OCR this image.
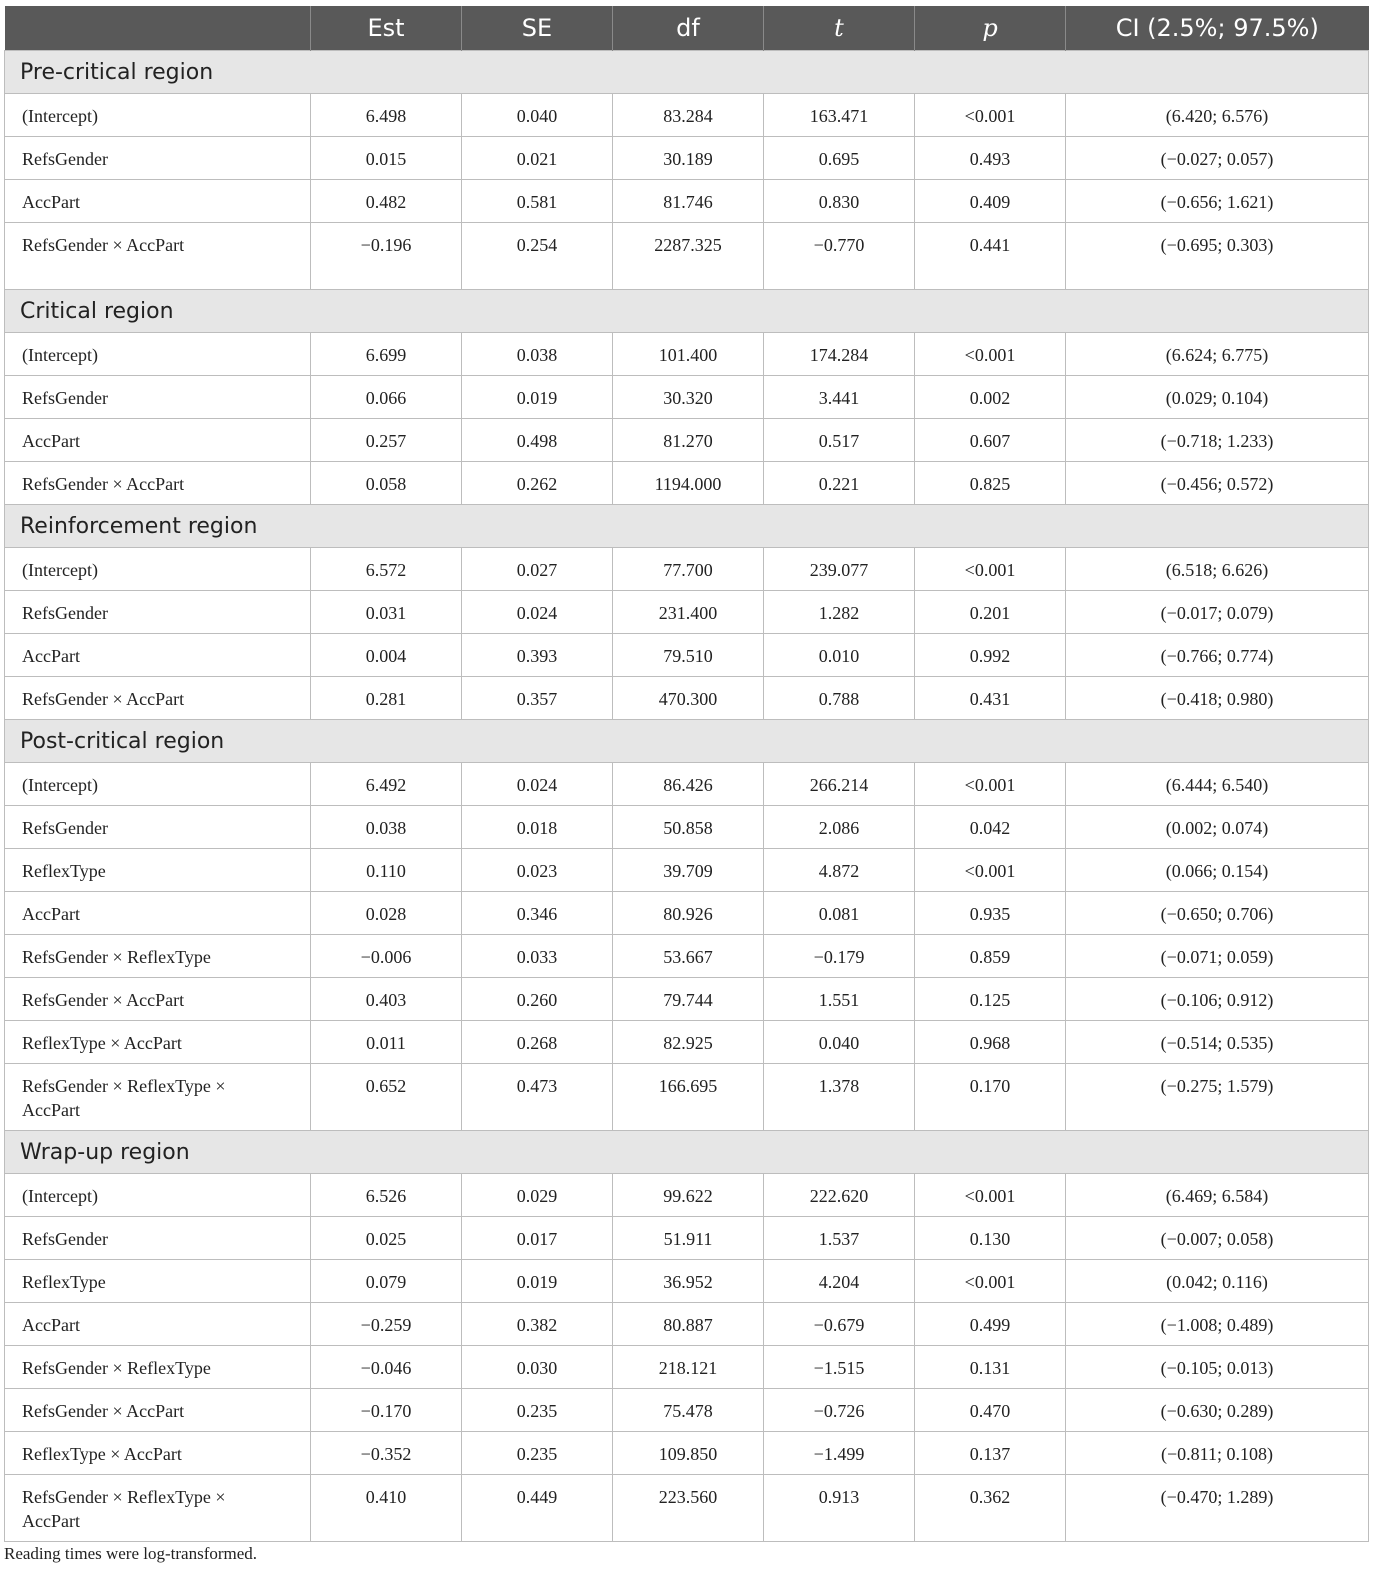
	Est	SE	df	t	p	CI (2.5%; 97.5%)
Pre-critical region						
(Intercept)	6.498	0.040	83.284	163.471	<0.001	(6.420; 6.576)
RefsGender	0.015	0.021	30.189	0.695	0.493	(−0.027; 0.057)
AccPart	0.482	0.581	81.746	0.830	0.409	(−0.656; 1.621)
RefsGender × AccPart	−0.196	0.254	2287.325	−0.770	0.441	(−0.695; 0.303)
Critical region						
(Intercept)	6.699	0.038	101.400	174.284	<0.001	(6.624; 6.775)
RefsGender	0.066	0.019	30.320	3.441	0.002	(0.029; 0.104)
AccPart	0.257	0.498	81.270	0.517	0.607	(−0.718; 1.233)
RefsGender × AccPart	0.058	0.262	1194.000	0.221	0.825	(−0.456; 0.572)
Reinforcement region						
(Intercept)	6.572	0.027	77.700	239.077	<0.001	(6.518; 6.626)
RefsGender	0.031	0.024	231.400	1.282	0.201	(−0.017; 0.079)
AccPart	0.004	0.393	79.510	0.010	0.992	(−0.766; 0.774)
RefsGender × AccPart	0.281	0.357	470.300	0.788	0.431	(−0.418; 0.980)
Post-critical region						
(Intercept)	6.492	0.024	86.426	266.214	<0.001	(6.444; 6.540)
RefsGender	0.038	0.018	50.858	2.086	0.042	(0.002; 0.074)
ReflexType	0.110	0.023	39.709	4.872	<0.001	(0.066; 0.154)
AccPart	0.028	0.346	80.926	0.081	0.935	(−0.650; 0.706)
RefsGender × ReflexType	−0.006	0.033	53.667	−0.179	0.859	(−0.071; 0.059)
RefsGender × AccPart	0.403	0.260	79.744	1.551	0.125	(−0.106; 0.912)
ReflexType × AccPart	0.011	0.268	82.925	0.040	0.968	(−0.514; 0.535)
RefsGender × ReflexType ×
AccPart	0.652	0.473	166.695	1.378	0.170	(−0.275; 1.579)
Wrap-up region						
(Intercept)	6.526	0.029	99.622	222.620	<0.001	(6.469; 6.584)
RefsGender	0.025	0.017	51.911	1.537	0.130	(−0.007; 0.058)
ReflexType	0.079	0.019	36.952	4.204	<0.001	(0.042; 0.116)
AccPart	−0.259	0.382	80.887	−0.679	0.499	(−1.008; 0.489)
RefsGender × ReflexType	−0.046	0.030	218.121	−1.515	0.131	(−0.105; 0.013)
RefsGender × AccPart	−0.170	0.235	75.478	−0.726	0.470	(−0.630; 0.289)
ReflexType × AccPart	−0.352	0.235	109.850	−1.499	0.137	(−0.811; 0.108)
RefsGender × ReflexType ×
AccPart	0.410	0.449	223.560	0.913	0.362	(−0.470; 1.289)
Reading times were log-transformed.
